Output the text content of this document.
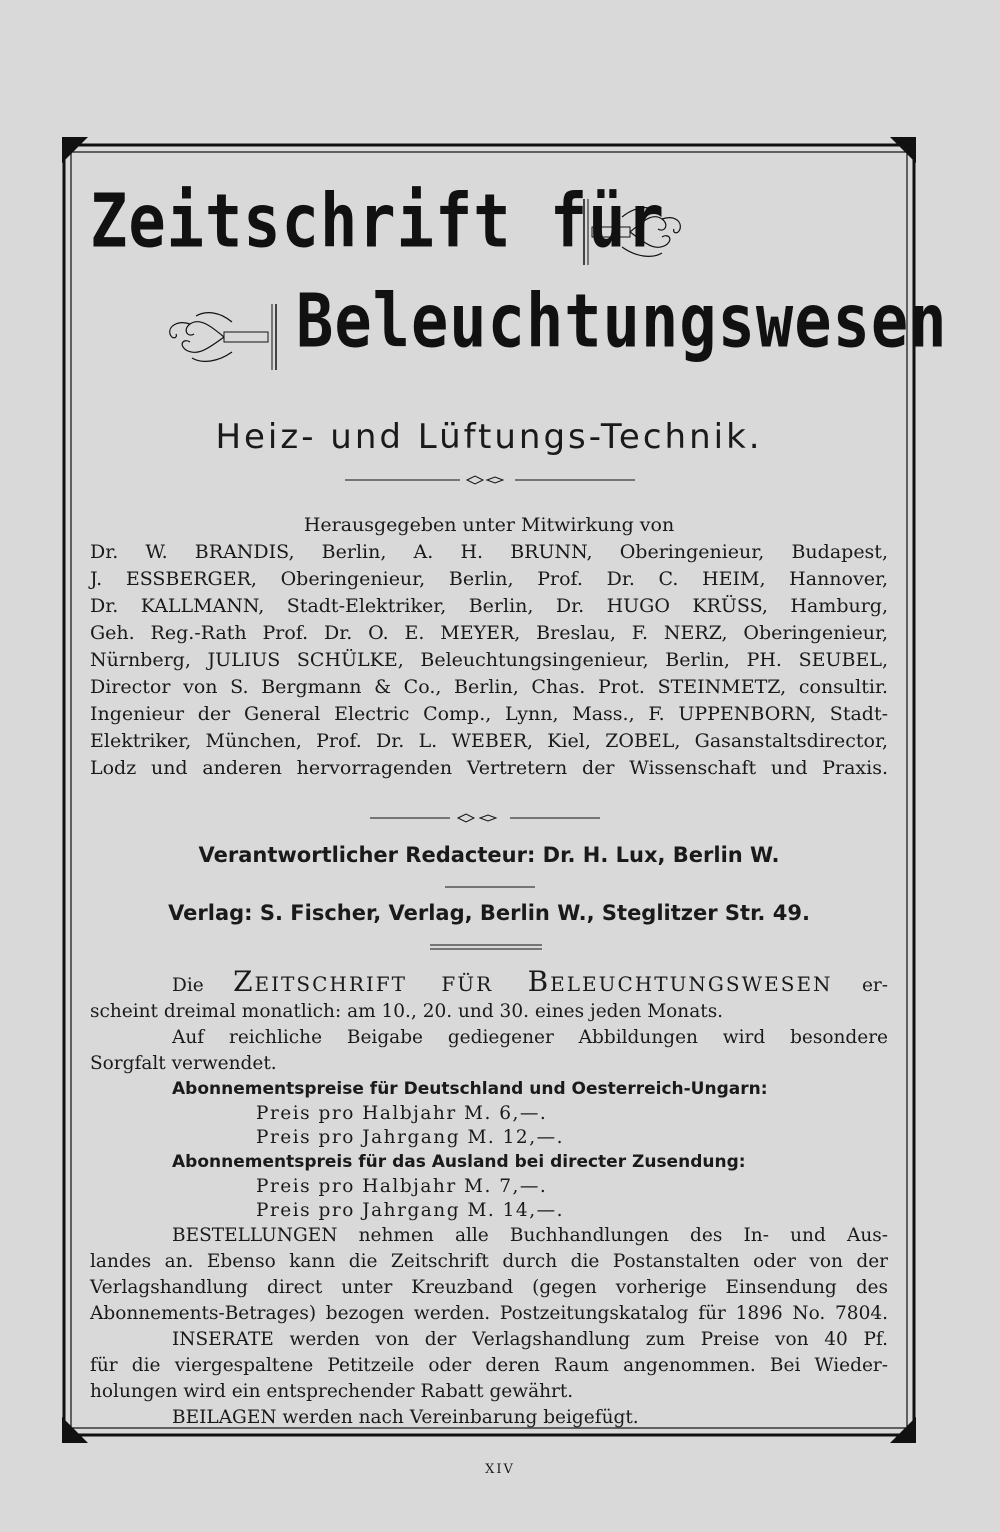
Zeitschrift für
Beleuchtungswesen

Heiz- und Lüftungs-Technik.

Herausgegeben unter Mitwirkung von

Dr. W. BRANDIS, Berlin, A. H. BRUNN, Oberingenieur, Budapest,

J. ESSBERGER, Oberingenieur, Berlin, Prof. Dr. C. HEIM, Hannover,

Dr. KALLMANN, Stadt-Elektriker, Berlin, Dr. HUGO KRÜSS, Hamburg,

Geh. Reg.-Rath Prof. Dr. O. E. MEYER, Breslau, F. NERZ, Oberingenieur,

Nürnberg, JULIUS SCHÜLKE, Beleuchtungsingenieur, Berlin, PH. SEUBEL,

Director von S. Bergmann & Co., Berlin, Chas. Prot. STEINMETZ, consultir.

Ingenieur der General Electric Comp., Lynn, Mass., F. UPPENBORN, Stadt-

Elektriker, München, Prof. Dr. L. WEBER, Kiel, ZOBEL, Gasanstaltsdirector,

Lodz und anderen hervorragenden Vertretern der Wissenschaft und Praxis.

Verantwortlicher Redacteur: Dr. H. Lux, Berlin W.

Verlag: S. Fischer, Verlag, Berlin W., Steglitzer Str. 49.

Die Zeitschrift für Beleuchtungswesen er-

scheint dreimal monatlich: am 10., 20. und 30. eines jeden Monats.

Auf reichliche Beigabe gediegener Abbildungen wird besondere

Sorgfalt verwendet.

Abonnementspreise für Deutschland und Oesterreich-Ungarn:

Preis pro Halbjahr M. 6,—.

Preis pro Jahrgang M. 12,—.

Abonnementspreis für das Ausland bei directer Zusendung:

Preis pro Halbjahr M. 7,—.

Preis pro Jahrgang M. 14,—.

BESTELLUNGEN nehmen alle Buchhandlungen des In- und Aus-

landes an. Ebenso kann die Zeitschrift durch die Postanstalten oder von der

Verlagshandlung direct unter Kreuzband (gegen vorherige Einsendung des

Abonnements-Betrages) bezogen werden. Postzeitungskatalog für 1896 No. 7804.

INSERATE werden von der Verlagshandlung zum Preise von 40 Pf.

für die viergespaltene Petitzeile oder deren Raum angenommen. Bei Wieder-

holungen wird ein entsprechender Rabatt gewährt.

BEILAGEN werden nach Vereinbarung beigefügt.

XIV
